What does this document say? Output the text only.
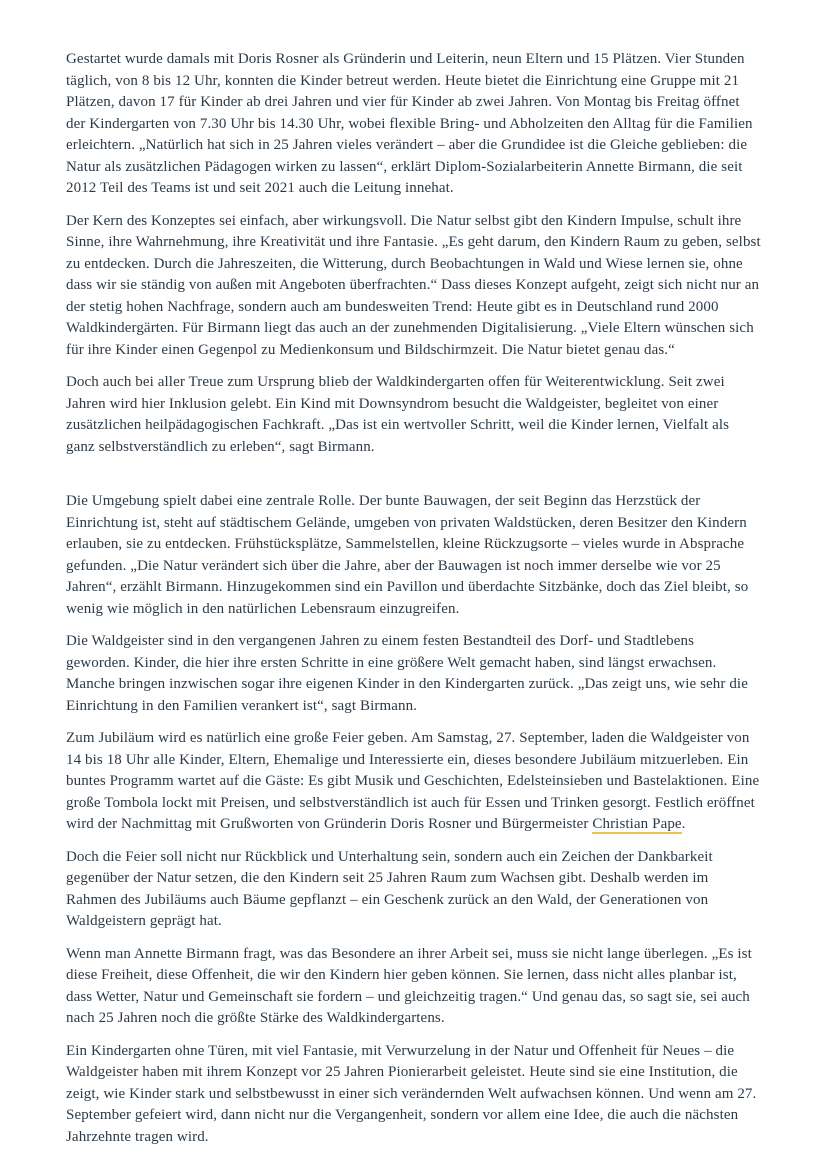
Gestartet wurde damals mit Doris Rosner als Gründerin und Leiterin, neun Eltern und 15 Plätzen. Vier Stunden täglich, von 8 bis 12 Uhr, konnten die Kinder betreut werden. Heute bietet die Einrichtung eine Gruppe mit 21 Plätzen, davon 17 für Kinder ab drei Jahren und vier für Kinder ab zwei Jahren. Von Montag bis Freitag öffnet der Kindergarten von 7.30 Uhr bis 14.30 Uhr, wobei flexible Bring- und Abholzeiten den Alltag für die Familien erleichtern. „Natürlich hat sich in 25 Jahren vieles verändert – aber die Grundidee ist die Gleiche geblieben: die Natur als zusätzlichen Pädagogen wirken zu lassen“, erklärt Diplom-Sozialarbeiterin Annette Birmann, die seit 2012 Teil des Teams ist und seit 2021 auch die Leitung innehat.

Der Kern des Konzeptes sei einfach, aber wirkungsvoll. Die Natur selbst gibt den Kindern Impulse, schult ihre Sinne, ihre Wahrnehmung, ihre Kreativität und ihre Fantasie. „Es geht darum, den Kindern Raum zu geben, selbst zu entdecken. Durch die Jahreszeiten, die Witterung, durch Beobachtungen in Wald und Wiese lernen sie, ohne dass wir sie ständig von außen mit Angeboten überfrachten.“ Dass dieses Konzept aufgeht, zeigt sich nicht nur an der stetig hohen Nachfrage, sondern auch am bundesweiten Trend: Heute gibt es in Deutschland rund 2000 Waldkindergärten. Für Birmann liegt das auch an der zunehmenden Digitalisierung. „Viele Eltern wünschen sich für ihre Kinder einen Gegenpol zu Medienkonsum und Bildschirmzeit. Die Natur bietet genau das.“

Doch auch bei aller Treue zum Ursprung blieb der Waldkindergarten offen für Weiterentwicklung. Seit zwei Jahren wird hier Inklusion gelebt. Ein Kind mit Downsyndrom besucht die Waldgeister, begleitet von einer zusätzlichen heilpädagogischen Fachkraft. „Das ist ein wertvoller Schritt, weil die Kinder lernen, Vielfalt als ganz selbstverständlich zu erleben“, sagt Birmann.

Die Umgebung spielt dabei eine zentrale Rolle. Der bunte Bauwagen, der seit Beginn das Herzstück der Einrichtung ist, steht auf städtischem Gelände, umgeben von privaten Waldstücken, deren Besitzer den Kindern erlauben, sie zu entdecken. Frühstücksplätze, Sammelstellen, kleine Rückzugsorte – vieles wurde in Absprache gefunden. „Die Natur verändert sich über die Jahre, aber der Bauwagen ist noch immer derselbe wie vor 25 Jahren“, erzählt Birmann. Hinzugekommen sind ein Pavillon und überdachte Sitzbänke, doch das Ziel bleibt, so wenig wie möglich in den natürlichen Lebensraum einzugreifen.

Die Waldgeister sind in den vergangenen Jahren zu einem festen Bestandteil des Dorf- und Stadtlebens geworden. Kinder, die hier ihre ersten Schritte in eine größere Welt gemacht haben, sind längst erwachsen. Manche bringen inzwischen sogar ihre eigenen Kinder in den Kindergarten zurück. „Das zeigt uns, wie sehr die Einrichtung in den Familien verankert ist“, sagt Birmann.

Zum Jubiläum wird es natürlich eine große Feier geben. Am Samstag, 27. September, laden die Waldgeister von 14 bis 18 Uhr alle Kinder, Eltern, Ehemalige und Interessierte ein, dieses besondere Jubiläum mitzuerleben. Ein buntes Programm wartet auf die Gäste: Es gibt Musik und Geschichten, Edelsteinsieben und Bastelaktionen. Eine große Tombola lockt mit Preisen, und selbstverständlich ist auch für Essen und Trinken gesorgt. Festlich eröffnet wird der Nachmittag mit Grußworten von Gründerin Doris Rosner und Bürgermeister Christian Pape.

Doch die Feier soll nicht nur Rückblick und Unterhaltung sein, sondern auch ein Zeichen der Dankbarkeit gegenüber der Natur setzen, die den Kindern seit 25 Jahren Raum zum Wachsen gibt. Deshalb werden im Rahmen des Jubiläums auch Bäume gepflanzt – ein Geschenk zurück an den Wald, der Generationen von Waldgeistern geprägt hat.

Wenn man Annette Birmann fragt, was das Besondere an ihrer Arbeit sei, muss sie nicht lange überlegen. „Es ist diese Freiheit, diese Offenheit, die wir den Kindern hier geben können. Sie lernen, dass nicht alles planbar ist, dass Wetter, Natur und Gemeinschaft sie fordern – und gleichzeitig tragen.“ Und genau das, so sagt sie, sei auch nach 25 Jahren noch die größte Stärke des Waldkindergartens.

Ein Kindergarten ohne Türen, mit viel Fantasie, mit Verwurzelung in der Natur und Offenheit für Neues – die Waldgeister haben mit ihrem Konzept vor 25 Jahren Pionierarbeit geleistet. Heute sind sie eine Institution, die zeigt, wie Kinder stark und selbstbewusst in einer sich verändernden Welt aufwachsen können. Und wenn am 27. September gefeiert wird, dann nicht nur die Vergangenheit, sondern vor allem eine Idee, die auch die nächsten Jahrzehnte tragen wird.
